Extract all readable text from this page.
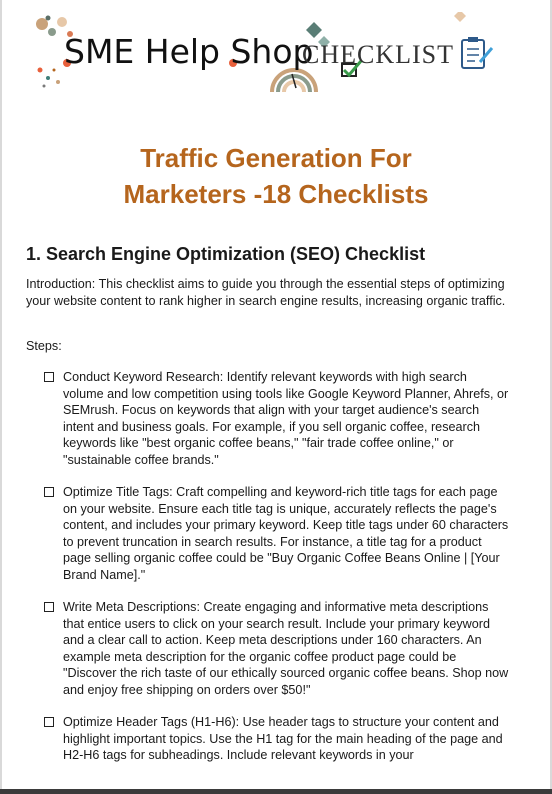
SME Help Shop
CHECKLIST
Traffic Generation For
Marketers -18 Checklists
1. Search Engine Optimization (SEO) Checklist
Introduction: This checklist aims to guide you through the essential steps of optimizing your website content to rank higher in search engine results, increasing organic traffic.
Steps:
Conduct Keyword Research: Identify relevant keywords with high search volume and low competition using tools like Google Keyword Planner, Ahrefs, or SEMrush. Focus on keywords that align with your target audience's search intent and business goals. For example, if you sell organic coffee, research keywords like "best organic coffee beans," "fair trade coffee online," or "sustainable coffee brands."
Optimize Title Tags: Craft compelling and keyword-rich title tags for each page on your website. Ensure each title tag is unique, accurately reflects the page's content, and includes your primary keyword. Keep title tags under 60 characters to prevent truncation in search results. For instance, a title tag for a product page selling organic coffee could be "Buy Organic Coffee Beans Online | [Your Brand Name]."
Write Meta Descriptions: Create engaging and informative meta descriptions that entice users to click on your search result. Include your primary keyword and a clear call to action. Keep meta descriptions under 160 characters. An example meta description for the organic coffee product page could be "Discover the rich taste of our ethically sourced organic coffee beans. Shop now and enjoy free shipping on orders over $50!"
Optimize Header Tags (H1-H6): Use header tags to structure your content and highlight important topics. Use the H1 tag for the main heading of the page and H2-H6 tags for subheadings. Include relevant keywords in your
